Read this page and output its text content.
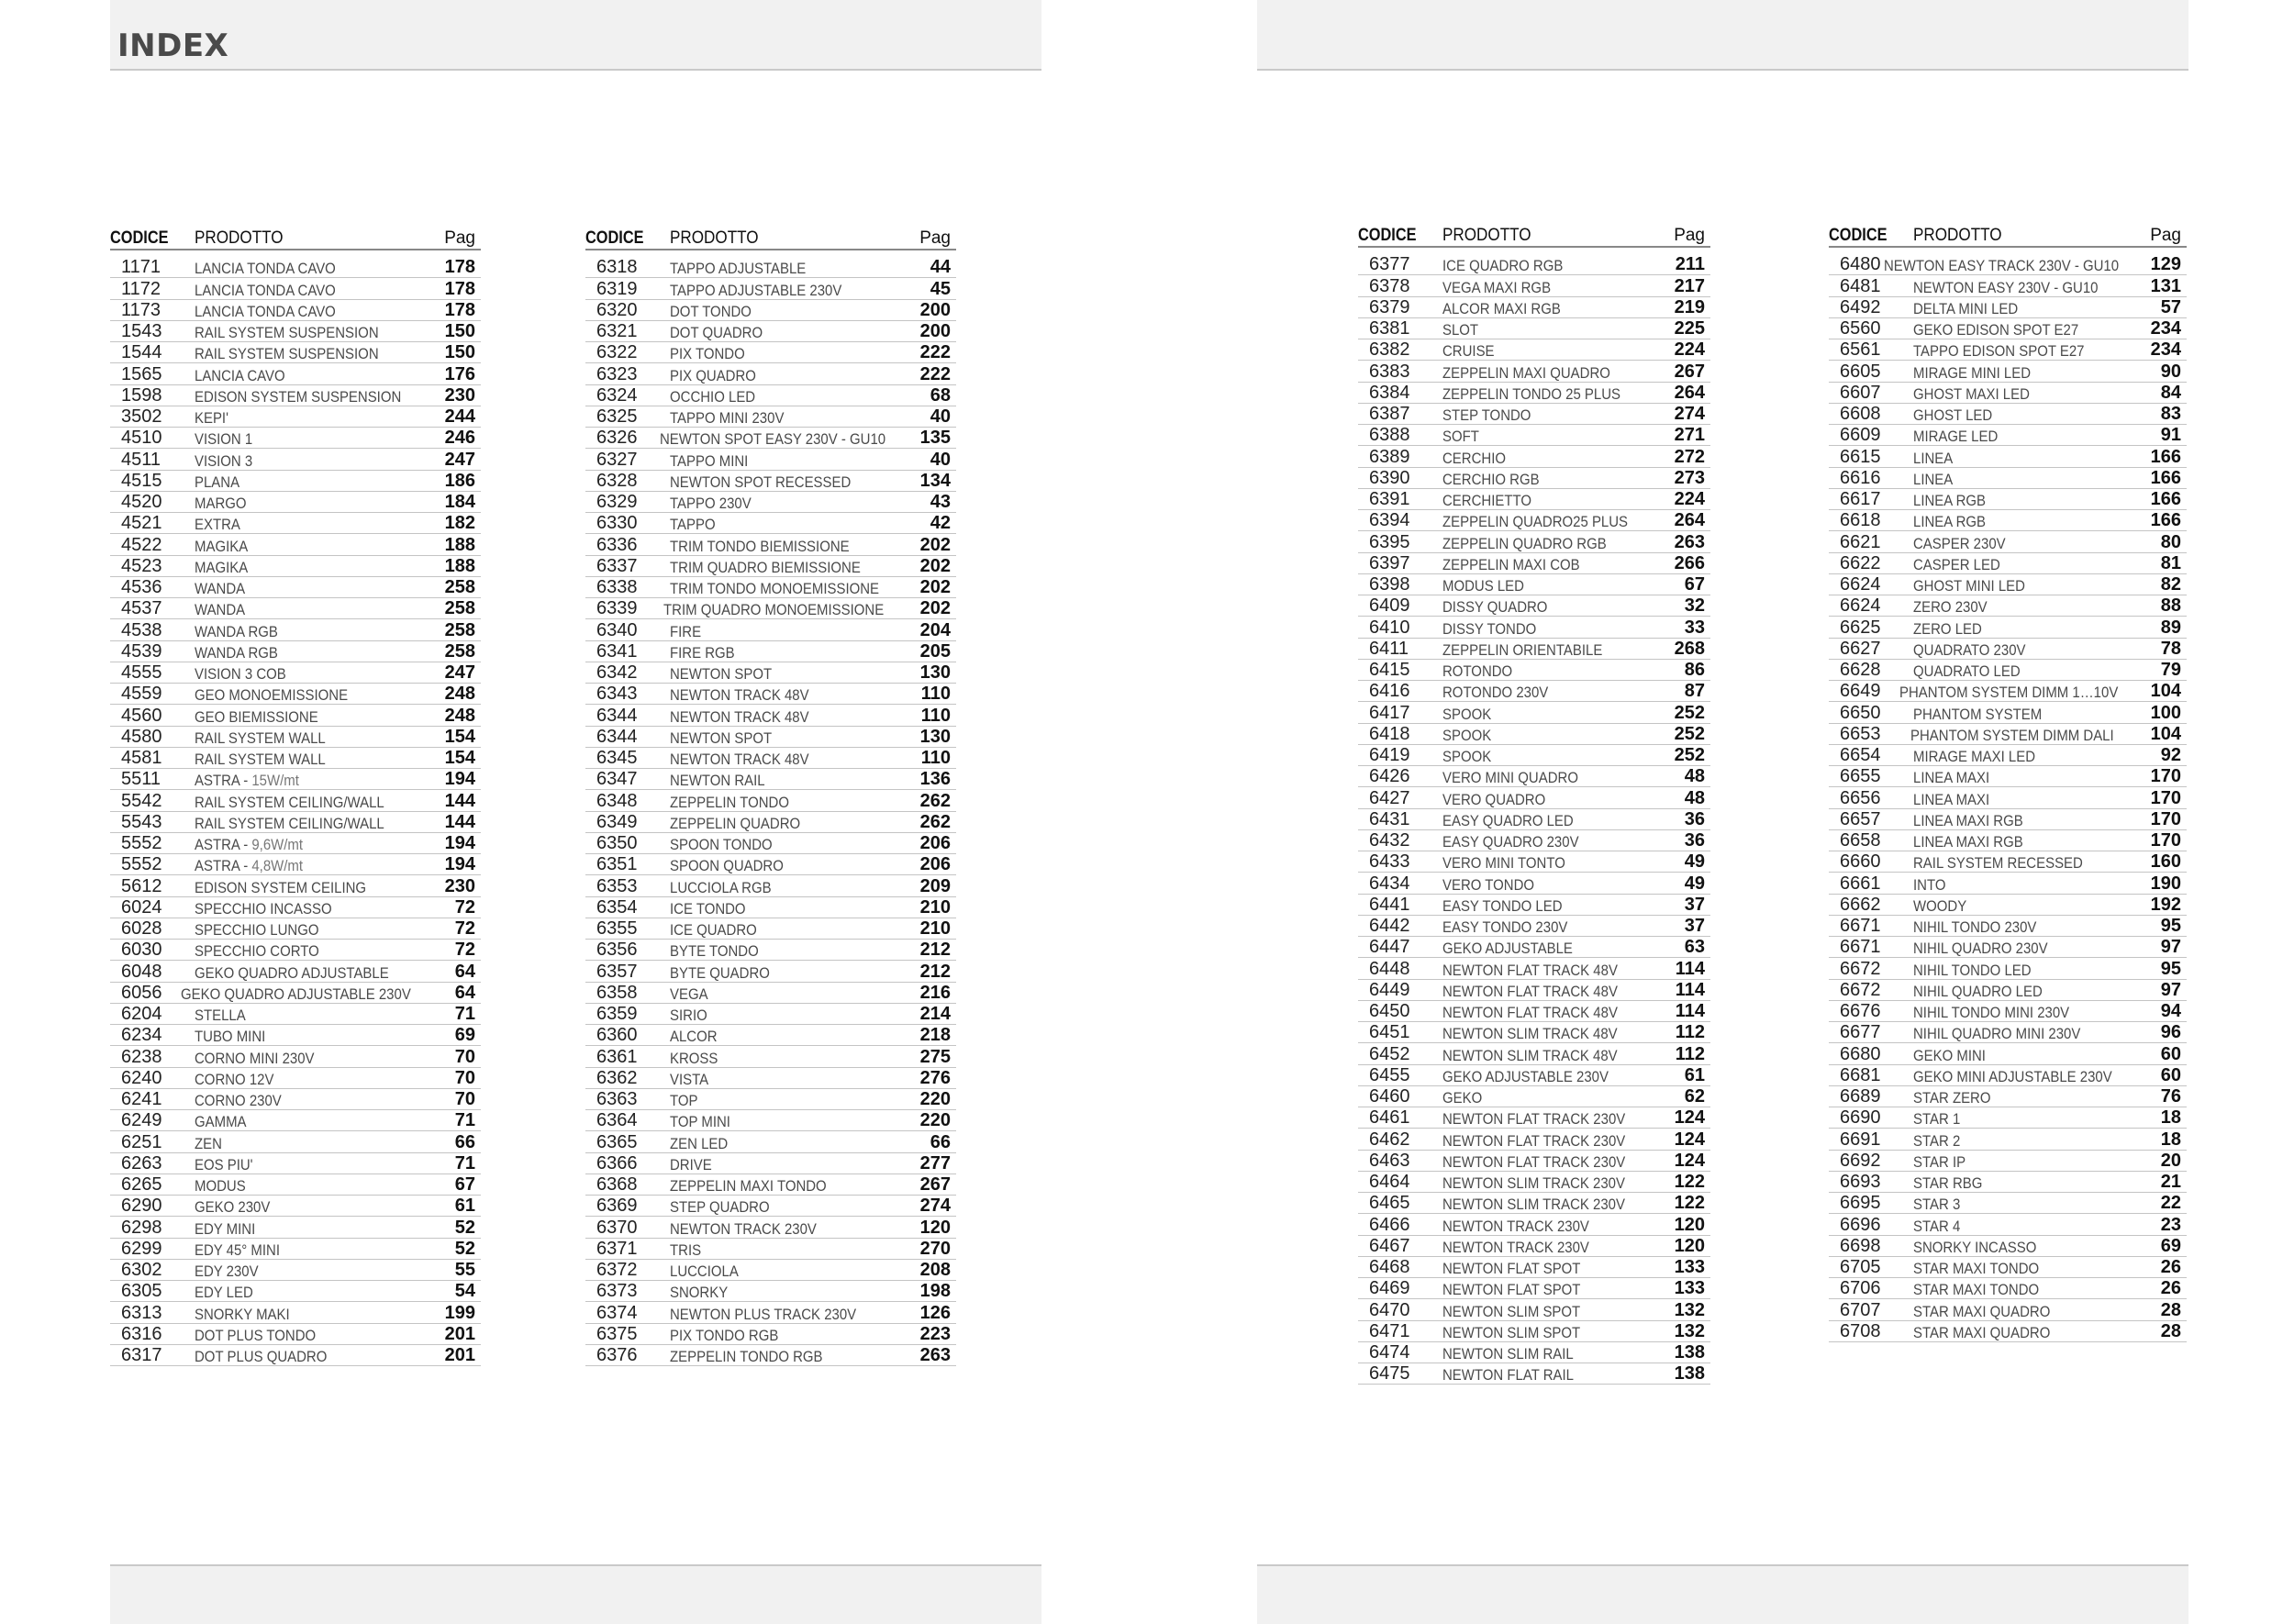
INDEX
CODICE	PRODOTTO	Pag
1171	LANCIA TONDA CAVO	178
1172	LANCIA TONDA CAVO	178
1173	LANCIA TONDA CAVO	178
1543	RAIL SYSTEM SUSPENSION	150
1544	RAIL SYSTEM SUSPENSION	150
1565	LANCIA CAVO	176
1598	EDISON SYSTEM SUSPENSION	230
3502	KEPI'	244
4510	VISION 1	246
4511	VISION 3	247
4515	PLANA	186
4520	MARGO	184
4521	EXTRA	182
4522	MAGIKA	188
4523	MAGIKA	188
4536	WANDA	258
4537	WANDA	258
4538	WANDA RGB	258
4539	WANDA RGB	258
4555	VISION 3 COB	247
4559	GEO MONOEMISSIONE	248
4560	GEO BIEMISSIONE	248
4580	RAIL SYSTEM WALL	154
4581	RAIL SYSTEM WALL	154
5511	ASTRA - 15W/mt	194
5542	RAIL SYSTEM CEILING/WALL	144
5543	RAIL SYSTEM CEILING/WALL	144
5552	ASTRA - 9,6W/mt	194
5552	ASTRA - 4,8W/mt	194
5612	EDISON SYSTEM CEILING	230
6024	SPECCHIO INCASSO	72
6028	SPECCHIO LUNGO	72
6030	SPECCHIO CORTO	72
6048	GEKO QUADRO ADJUSTABLE	64
6056	GEKO QUADRO ADJUSTABLE 230V	64
6204	STELLA	71
6234	TUBO MINI	69
6238	CORNO MINI 230V	70
6240	CORNO 12V	70
6241	CORNO 230V	70
6249	GAMMA	71
6251	ZEN	66
6263	EOS PIU'	71
6265	MODUS	67
6290	GEKO 230V	61
6298	EDY MINI	52
6299	EDY 45° MINI	52
6302	EDY 230V	55
6305	EDY LED	54
6313	SNORKY MAKI	199
6316	DOT PLUS TONDO	201
6317	DOT PLUS QUADRO	201
CODICE	PRODOTTO	Pag
6318	TAPPO ADJUSTABLE	44
6319	TAPPO ADJUSTABLE 230V	45
6320	DOT TONDO	200
6321	DOT QUADRO	200
6322	PIX TONDO	222
6323	PIX QUADRO	222
6324	OCCHIO LED	68
6325	TAPPO MINI 230V	40
6326	NEWTON SPOT EASY 230V - GU10 135
6327	TAPPO MINI	40
6328	NEWTON SPOT RECESSED	134
6329	TAPPO 230V	43
6330	TAPPO	42
6336	TRIM TONDO BIEMISSIONE	202
6337	TRIM QUADRO BIEMISSIONE	202
6338	TRIM TONDO MONOEMISSIONE	202
6339	TRIM QUADRO MONOEMISSIONE	202
6340	FIRE	204
6341	FIRE RGB	205
6342	NEWTON SPOT	130
6343	NEWTON TRACK 48V	110
6344	NEWTON TRACK 48V	110
6344	NEWTON SPOT	130
6345	NEWTON TRACK 48V	110
6347	NEWTON RAIL	136
6348	ZEPPELIN TONDO	262
6349	ZEPPELIN QUADRO	262
6350	SPOON TONDO	206
6351	SPOON QUADRO	206
6353	LUCCIOLA RGB	209
6354	ICE TONDO	210
6355	ICE QUADRO	210
6356	BYTE TONDO	212
6357	BYTE QUADRO	212
6358	VEGA	216
6359	SIRIO	214
6360	ALCOR	218
6361	KROSS	275
6362	VISTA	276
6363	TOP	220
6364	TOP MINI	220
6365	ZEN LED	66
6366	DRIVE	277
6368	ZEPPELIN MAXI TONDO	267
6369	STEP QUADRO	274
6370	NEWTON TRACK 230V	120
6371	TRIS	270
6372	LUCCIOLA	208
6373	SNORKY	198
6374	NEWTON PLUS TRACK 230V	126
6375	PIX TONDO RGB	223
6376	ZEPPELIN TONDO RGB	263
CODICE	PRODOTTO	Pag
6377	ICE QUADRO RGB	211
6378	VEGA MAXI RGB	217
6379	ALCOR MAXI RGB	219
6381	SLOT	225
6382	CRUISE	224
6383	ZEPPELIN MAXI QUADRO	267
6384	ZEPPELIN TONDO 25 PLUS	264
6387	STEP TONDO	274
6388	SOFT	271
6389	CERCHIO	272
6390	CERCHIO RGB	273
6391	CERCHIETTO	224
6394	ZEPPELIN QUADRO25 PLUS	264
6395	ZEPPELIN QUADRO RGB	263
6397	ZEPPELIN MAXI COB	266
6398	MODUS LED	67
6409	DISSY QUADRO	32
6410	DISSY TONDO	33
6411	ZEPPELIN ORIENTABILE	268
6415	ROTONDO	86
6416	ROTONDO 230V	87
6417	SPOOK	252
6418	SPOOK	252
6419	SPOOK	252
6426	VERO MINI QUADRO	48
6427	VERO QUADRO	48
6431	EASY QUADRO LED	36
6432	EASY QUADRO 230V	36
6433	VERO MINI TONTO	49
6434	VERO TONDO	49
6441	EASY TONDO LED	37
6442	EASY TONDO 230V	37
6447	GEKO ADJUSTABLE	63
6448	NEWTON FLAT TRACK 48V	114
6449	NEWTON FLAT TRACK 48V	114
6450	NEWTON FLAT TRACK 48V	114
6451	NEWTON SLIM TRACK 48V	112
6452	NEWTON SLIM TRACK 48V	112
6455	GEKO ADJUSTABLE 230V	61
6460	GEKO	62
6461	NEWTON FLAT TRACK 230V	124
6462	NEWTON FLAT TRACK 230V	124
6463	NEWTON FLAT TRACK 230V	124
6464	NEWTON SLIM TRACK 230V	122
6465	NEWTON SLIM TRACK 230V	122
6466	NEWTON TRACK 230V	120
6467	NEWTON TRACK 230V	120
6468	NEWTON FLAT SPOT	133
6469	NEWTON FLAT SPOT	133
6470	NEWTON SLIM SPOT	132
6471	NEWTON SLIM SPOT	132
6474	NEWTON SLIM RAIL	138
6475	NEWTON FLAT RAIL	138
CODICE	PRODOTTO	Pag
6480 NEWTON EASY TRACK 230V - GU10 129
6481	NEWTON EASY 230V - GU10	131
6492	DELTA MINI LED	57
6560	GEKO EDISON SPOT E27	234
6561	TAPPO EDISON SPOT E27	234
6605	MIRAGE MINI LED	90
6607	GHOST MAXI LED	84
6608	GHOST LED	83
6609	MIRAGE LED	91
6615	LINEA	166
6616	LINEA	166
6617	LINEA RGB	166
6618	LINEA RGB	166
6621	CASPER 230V	80
6622	CASPER LED	81
6624	GHOST MINI LED	82
6624	ZERO 230V	88
6625	ZERO LED	89
6627	QUADRATO 230V	78
6628	QUADRATO LED	79
6649	PHANTOM SYSTEM DIMM 1…10V 104
6650	PHANTOM SYSTEM	100
6653	PHANTOM SYSTEM DIMM DALI	104
6654	MIRAGE MAXI LED	92
6655	LINEA MAXI	170
6656	LINEA MAXI	170
6657	LINEA MAXI RGB	170
6658	LINEA MAXI RGB	170
6660	RAIL SYSTEM RECESSED	160
6661	INTO	190
6662	WOODY	192
6671	NIHIL TONDO 230V	95
6671	NIHIL QUADRO 230V	97
6672	NIHIL TONDO LED	95
6672	NIHIL QUADRO LED	97
6676	NIHIL TONDO MINI 230V	94
6677	NIHIL QUADRO MINI 230V	96
6680	GEKO MINI	60
6681	GEKO MINI ADJUSTABLE 230V	60
6689	STAR ZERO	76
6690	STAR 1	18
6691	STAR 2	18
6692	STAR IP	20
6693	STAR RBG	21
6695	STAR 3	22
6696	STAR 4	23
6698	SNORKY INCASSO	69
6705	STAR MAXI TONDO	26
6706	STAR MAXI TONDO	26
6707	STAR MAXI QUADRO	28
6708	STAR MAXI QUADRO	28
